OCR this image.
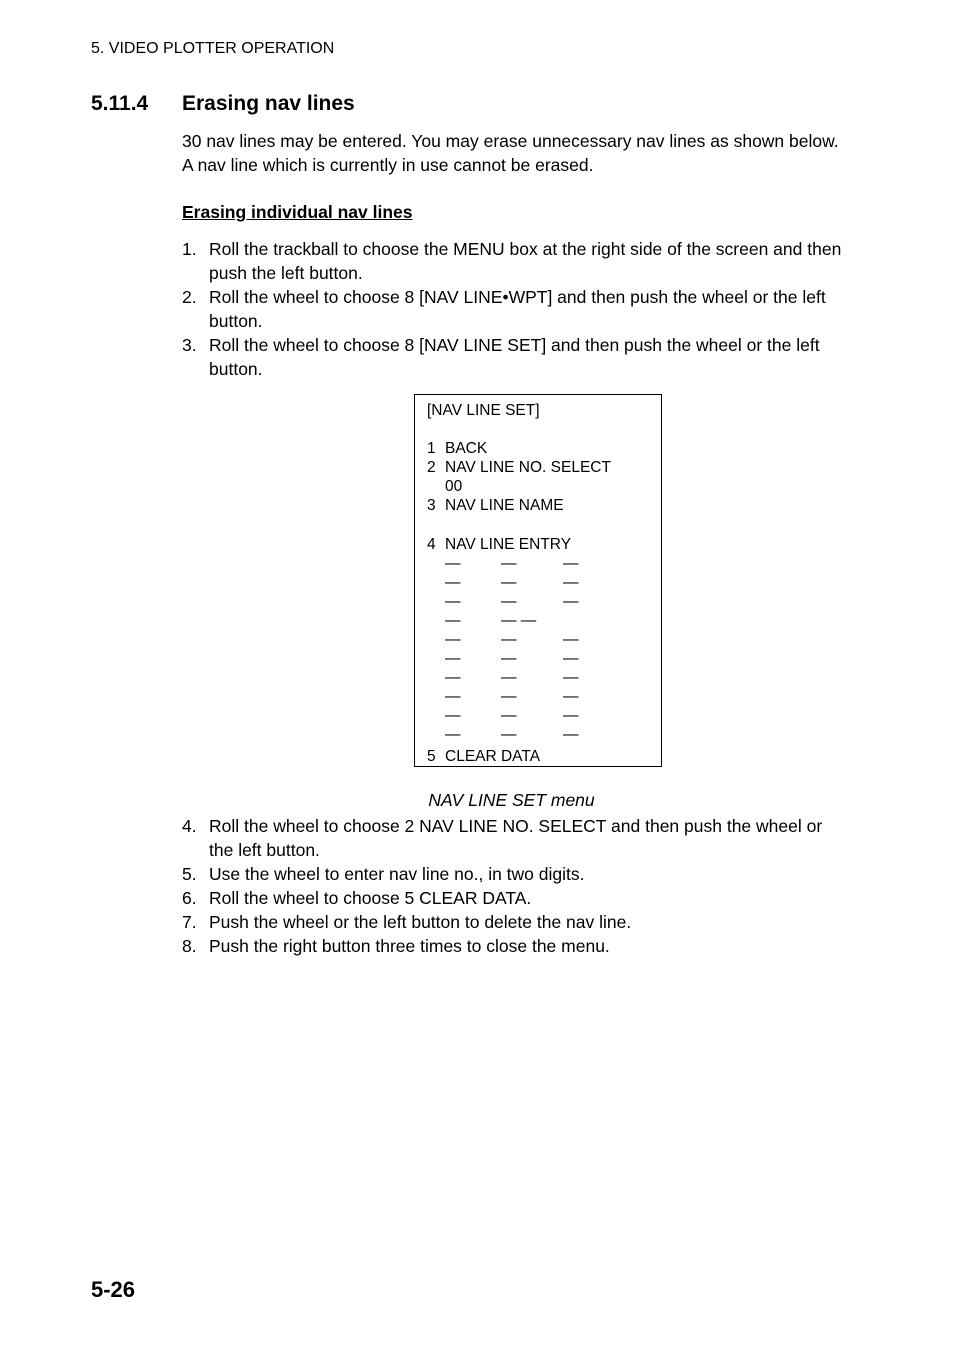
5. VIDEO PLOTTER OPERATION
5.11.4 Erasing nav lines

30 nav lines may be entered. You may erase unnecessary nav lines as shown below. A nav line which is currently in use cannot be erased.

Erasing individual nav lines
1. Roll the trackball to choose the MENU box at the right side of the screen and then push the left button.
2. Roll the wheel to choose 8 [NAV LINE•WPT] and then push the wheel or the left button.
3. Roll the wheel to choose 8 [NAV LINE SET] and then push the wheel or the left button.
[NAV LINE SET]
1 BACK
2 NAV LINE NO. SELECT
00
3 NAV LINE NAME
4 NAV LINE ENTRY
—	—	—
—	—	—
—	—	—
—	— —
—	—	—
—	—	—
—	—	—
—	—	—
—	—	—
—	—	—
5 CLEAR DATA
NAV LINE SET menu
4. Roll the wheel to choose 2 NAV LINE NO. SELECT and then push the wheel or the left button.
5. Use the wheel to enter nav line no., in two digits.
6. Roll the wheel to choose 5 CLEAR DATA.
7. Push the wheel or the left button to delete the nav line.
8. Push the right button three times to close the menu.
5-26
